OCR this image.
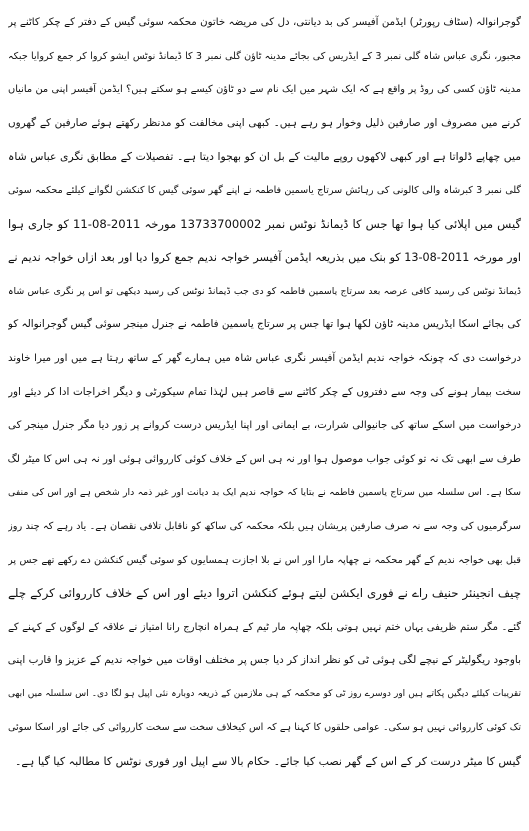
گوجرانوالہ (سٹاف رپورٹر) ایڈمن آفیسر کی بد دیانتی، دل کی مریضہ خاتون محکمہ سوئی گیس کے دفتر کے چکر کاٹنے پر
مجبور، نگری عباس شاہ گلی نمبر 3 کے ایڈریس کی بجائے مدینہ ٹاؤن گلی نمبر 3 کا ڈیمانڈ نوٹس ایشو کروا کر جمع کروایا جبکہ
مدینہ ٹاؤن کسی کی روڈ پر واقع ہے کہ ایک شہر میں ایک نام سے دو ٹاؤن کیسے ہو سکتے ہیں؟ ایڈمن آفیسر اپنی من مانیاں
کرنے میں مصروف اور صارفین ذلیل وخوار ہو رہے ہیں۔ کبھی اپنی مخالفت کو مدنظر رکھتے ہوئے صارفین کے گھروں
میں چھاپے ڈلواتا ہے اور کبھی لاکھوں روپے مالیت کے بل ان کو بھجوا دیتا ہے۔ تفصیلات کے مطابق نگری عباس شاہ
گلی نمبر 3 کبرشاہ والی کالونی کی رہائش سرتاج یاسمین فاطمہ نے اپنے گھر سوئی گیس کا کنکشن لگوانے کیلئے محکمہ سوئی
گیس میں اپلائی کیا ہوا تھا جس کا ڈیمانڈ نوٹس نمبر 13733700002 مورخہ 2011-08-11 کو جاری ہوا
اور مورخہ 2011-08-13 کو بنک میں بذریعہ ایڈمن آفیسر خواجہ ندیم جمع کروا دیا اور بعد ازاں خواجہ ندیم نے
ڈیمانڈ نوٹس کی رسید کافی عرصہ بعد سرتاج یاسمین فاطمہ کو دی جب ڈیمانڈ نوٹس کی رسید دیکھی تو اس پر نگری عباس شاہ
کی بجائے اسکا ایڈریس مدینہ ٹاؤن لکھا ہوا تھا جس پر سرتاج یاسمین فاطمہ نے جنرل مینجر سوئی گیس گوجرانوالہ کو
درخواست دی کہ چونکہ خواجہ ندیم ایڈمن آفیسر نگری عباس شاہ میں ہمارے گھر کے ساتھ رہتا ہے میں اور میرا خاوند
سخت بیمار ہونے کی وجہ سے دفتروں کے چکر کاٹنے سے قاصر ہیں لہٰذا تمام سیکورٹی و دیگر اخراجات ادا کر دیئے اور
درخواست میں اسکے ساتھ کی جانیوالی شرارت، بے ایمانی اور اپنا ایڈریس درست کروانے پر زور دیا مگر جنرل مینجر کی
طرف سے ابھی تک نہ تو کوئی جواب موصول ہوا اور نہ ہی اس کے خلاف کوئی کارروائی ہوئی اور نہ ہی اس کا میٹر لگ
سکا ہے۔ اس سلسلہ میں سرتاج یاسمین فاطمہ نے بتایا کہ خواجہ ندیم ایک بد دیانت اور غیر ذمہ دار شخص ہے اور اس کی منفی
سرگرمیوں کی وجہ سے نہ صرف صارفین پریشان ہیں بلکہ محکمہ کی ساکھ کو ناقابل تلافی نقصان ہے۔ یاد رہے کہ چند روز
قبل بھی خواجہ ندیم کے گھر محکمہ نے چھاپہ مارا اور اس نے بلا اجازت ہمسایوں کو سوئی گیس کنکشن دے رکھے تھے جس پر
چیف انجینئر حنیف راے نے فوری ایکشن لیتے ہوئے کنکشن اتروا دیئے اور اس کے خلاف کارروائی کرکے چلے
گئے۔ مگر ستم ظریفی یہاں ختم نہیں ہوتی بلکہ چھاپہ مار ٹیم کے ہمراہ انچارج رانا امتیاز نے علاقہ کے لوگوں کے کہنے کے
باوجود ریگولیٹر کے نیچے لگی ہوئی ٹی کو نظر انداز کر دیا جس پر مختلف اوقات میں خواجہ ندیم کے عزیز وا قارب اپنی
تقریبات کیلئے دیگیں پکاتے ہیں اور دوسرے روز ٹی کو محکمہ کے ہی ملازمین کے ذریعہ دوبارہ نئی اپیل ہو لگا دی۔ اس سلسلہ میں ابھی
تک کوئی کارروائی نہیں ہو سکی۔ عوامی حلقوں کا کہنا ہے کہ اس کیخلاف سخت سے سخت کارروائی کی جائے اور اسکا سوئی
گیس کا میٹر درست کر کے اس کے گھر نصب کیا جائے۔ حکام بالا سے اپیل اور فوری نوٹس کا مطالبہ کیا گیا ہے۔
